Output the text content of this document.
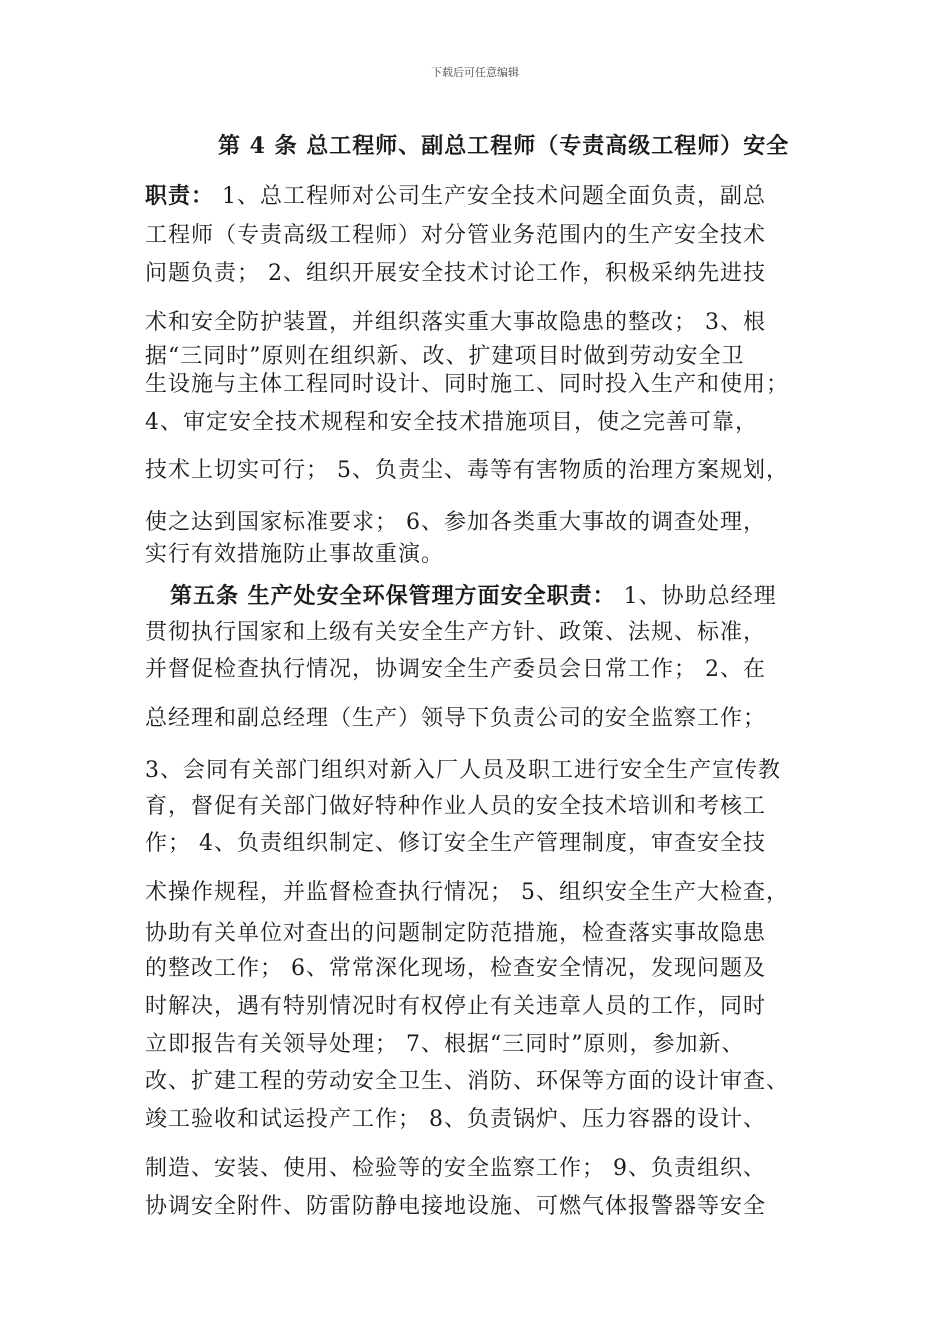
下载后可任意编辑
第 4 条 总工程师、副总工程师（专责高级工程师）安全
职责： 1、总工程师对公司生产安全技术问题全面负责，副总
工程师（专责高级工程师）对分管业务范围内的生产安全技术
问题负责； 2、组织开展安全技术讨论工作，积极采纳先进技
术和安全防护装置，并组织落实重大事故隐患的整改； 3、根
据“三同时”原则在组织新、改、扩建项目时做到劳动安全卫
生设施与主体工程同时设计、同时施工、同时投入生产和使用；
4、审定安全技术规程和安全技术措施项目，使之完善可靠，
技术上切实可行； 5、负责尘、毒等有害物质的治理方案规划，
使之达到国家标准要求； 6、参加各类重大事故的调查处理，
实行有效措施防止事故重演。
第五条 生产处安全环保管理方面安全职责： 1、协助总经理
贯彻执行国家和上级有关安全生产方针、政策、法规、标准，
并督促检查执行情况，协调安全生产委员会日常工作； 2、在
总经理和副总经理（生产）领导下负责公司的安全监察工作；
3、会同有关部门组织对新入厂人员及职工进行安全生产宣传教
育，督促有关部门做好特种作业人员的安全技术培训和考核工
作； 4、负责组织制定、修订安全生产管理制度，审查安全技
术操作规程，并监督检查执行情况； 5、组织安全生产大检查，
协助有关单位对查出的问题制定防范措施，检查落实事故隐患
的整改工作； 6、常常深化现场，检查安全情况，发现问题及
时解决，遇有特别情况时有权停止有关违章人员的工作，同时
立即报告有关领导处理； 7、根据“三同时”原则，参加新、
改、扩建工程的劳动安全卫生、消防、环保等方面的设计审查、
竣工验收和试运投产工作； 8、负责锅炉、压力容器的设计、
制造、安装、使用、检验等的安全监察工作； 9、负责组织、
协调安全附件、防雷防静电接地设施、可燃气体报警器等安全
